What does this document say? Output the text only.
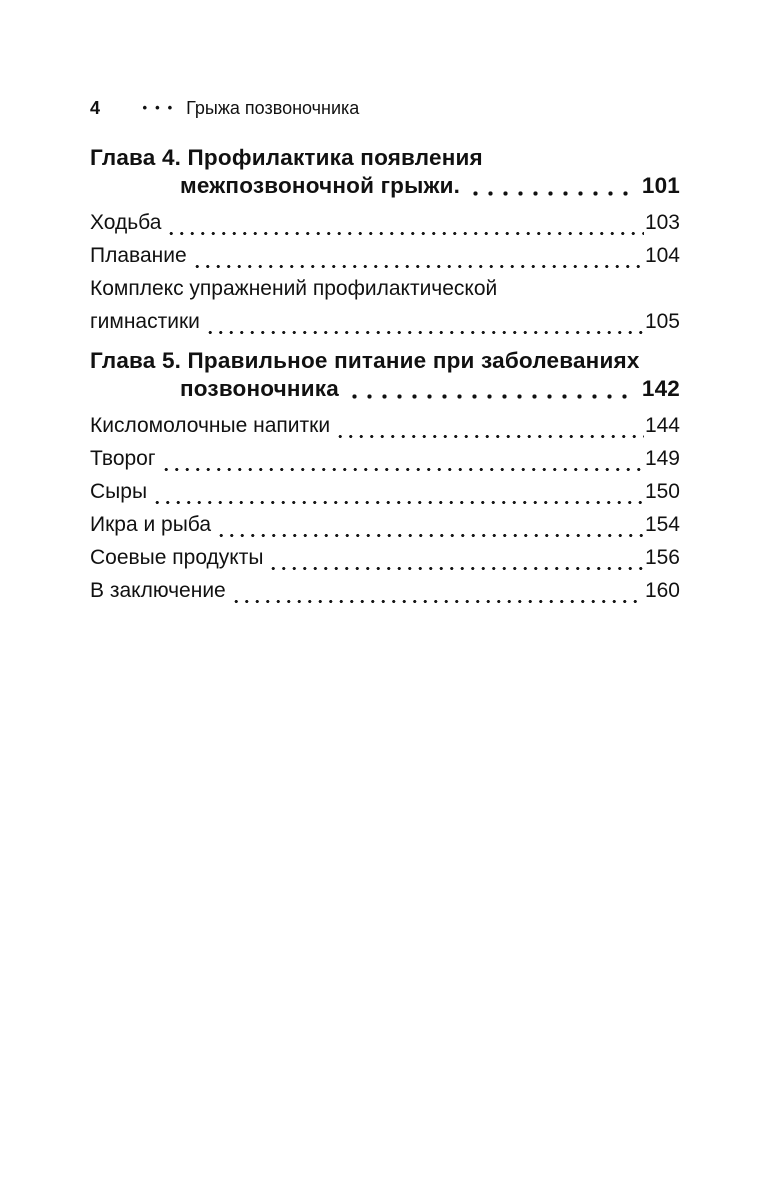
4	••• Грыжа позвоночника
Глава 4. Профилактика появления
межпозвоночной грыжи.	101
Ходьба	103
Плавание	104
Комплекс упражнений профилактической
гимнастики	105
Глава 5. Правильное питание при заболеваниях
позвоночника	142
Кисломолочные напитки	144
Творог	149
Сыры	150
Икра и рыба	154
Соевые продукты	156
В заключение	160
